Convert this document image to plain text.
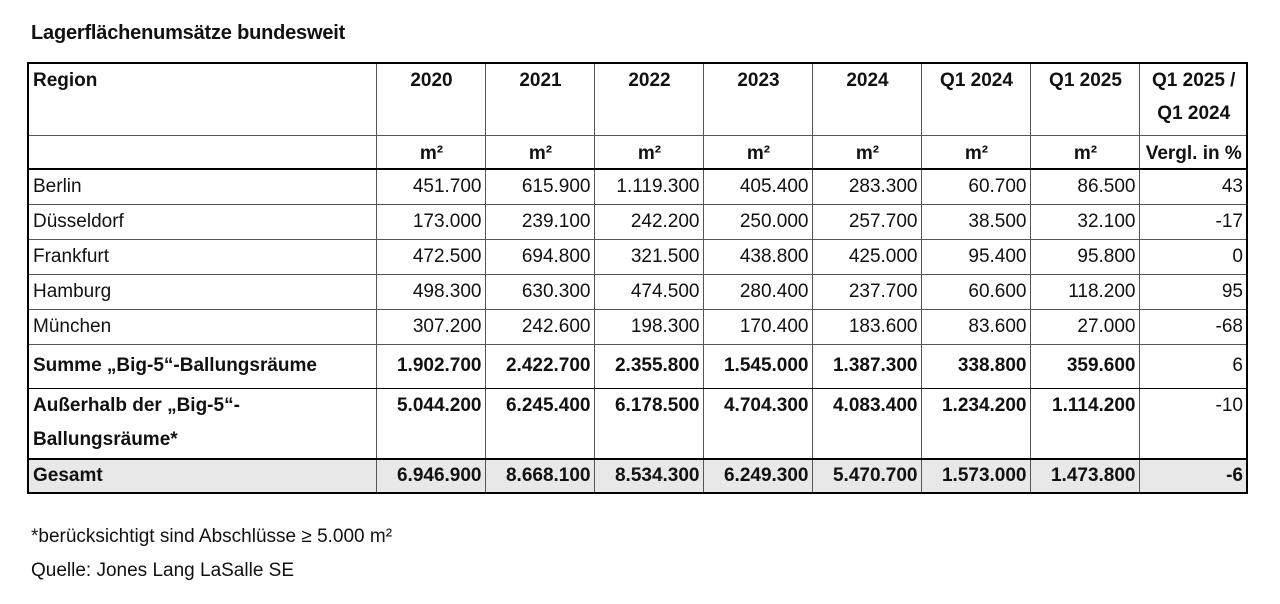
Lagerflächenumsätze bundesweit
Region	2020	2021	2022	2023	2024	Q1 2024	Q1 2025	Q1 2025 /
Q1 2024
	m²	m²	m²	m²	m²	m²	m²	Vergl. in %
Berlin	451.700	615.900	1.119.300	405.400	283.300	60.700	86.500	43
Düsseldorf	173.000	239.100	242.200	250.000	257.700	38.500	32.100	-17
Frankfurt	472.500	694.800	321.500	438.800	425.000	95.400	95.800	0
Hamburg	498.300	630.300	474.500	280.400	237.700	60.600	118.200	95
München	307.200	242.600	198.300	170.400	183.600	83.600	27.000	-68
Summe „Big-5“-Ballungsräume	1.902.700	2.422.700	2.355.800	1.545.000	1.387.300	338.800	359.600	6
Außerhalb der „Big-5“-Ballungsräume*	5.044.200	6.245.400	6.178.500	4.704.300	4.083.400	1.234.200	1.114.200	-10
Gesamt	6.946.900	8.668.100	8.534.300	6.249.300	5.470.700	1.573.000	1.473.800	-6
*berücksichtigt sind Abschlüsse ≥ 5.000 m²
Quelle: Jones Lang LaSalle SE
